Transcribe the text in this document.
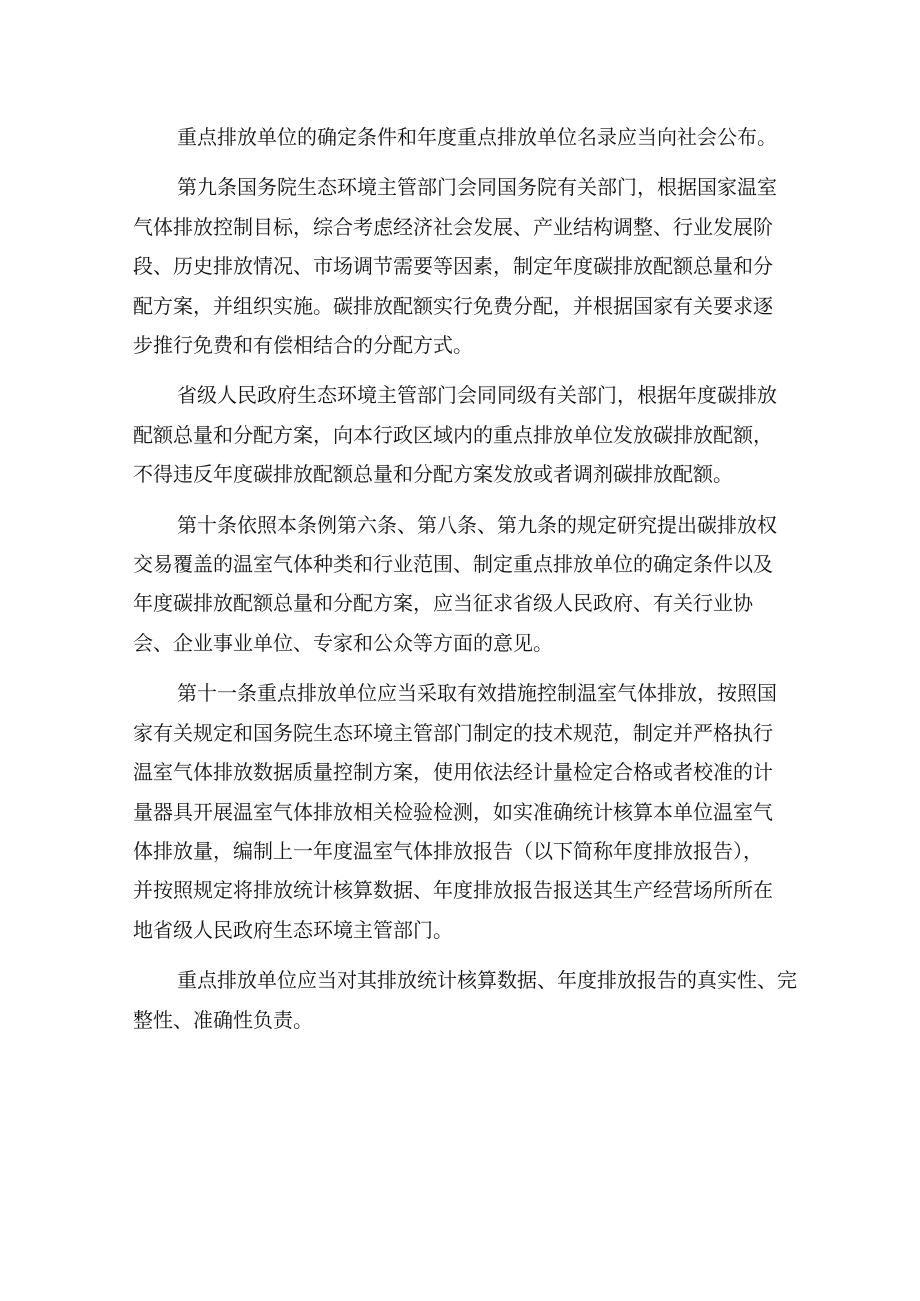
重点排放单位的确定条件和年度重点排放单位名录应当向社会公布。

第九条国务院生态环境主管部门会同国务院有关部门，根据国家温室
气体排放控制目标，综合考虑经济社会发展、产业结构调整、行业发展阶
段、历史排放情况、市场调节需要等因素，制定年度碳排放配额总量和分
配方案，并组织实施。碳排放配额实行免费分配，并根据国家有关要求逐
步推行免费和有偿相结合的分配方式。

省级人民政府生态环境主管部门会同同级有关部门，根据年度碳排放
配额总量和分配方案，向本行政区域内的重点排放单位发放碳排放配额，
不得违反年度碳排放配额总量和分配方案发放或者调剂碳排放配额。

第十条依照本条例第六条、第八条、第九条的规定研究提出碳排放权
交易覆盖的温室气体种类和行业范围、制定重点排放单位的确定条件以及
年度碳排放配额总量和分配方案，应当征求省级人民政府、有关行业协
会、企业事业单位、专家和公众等方面的意见。

第十一条重点排放单位应当采取有效措施控制温室气体排放，按照国
家有关规定和国务院生态环境主管部门制定的技术规范，制定并严格执行
温室气体排放数据质量控制方案，使用依法经计量检定合格或者校准的计
量器具开展温室气体排放相关检验检测，如实准确统计核算本单位温室气
体排放量，编制上一年度温室气体排放报告（以下简称年度排放报告），
并按照规定将排放统计核算数据、年度排放报告报送其生产经营场所所在
地省级人民政府生态环境主管部门。

重点排放单位应当对其排放统计核算数据、年度排放报告的真实性、完
整性、准确性负责。
